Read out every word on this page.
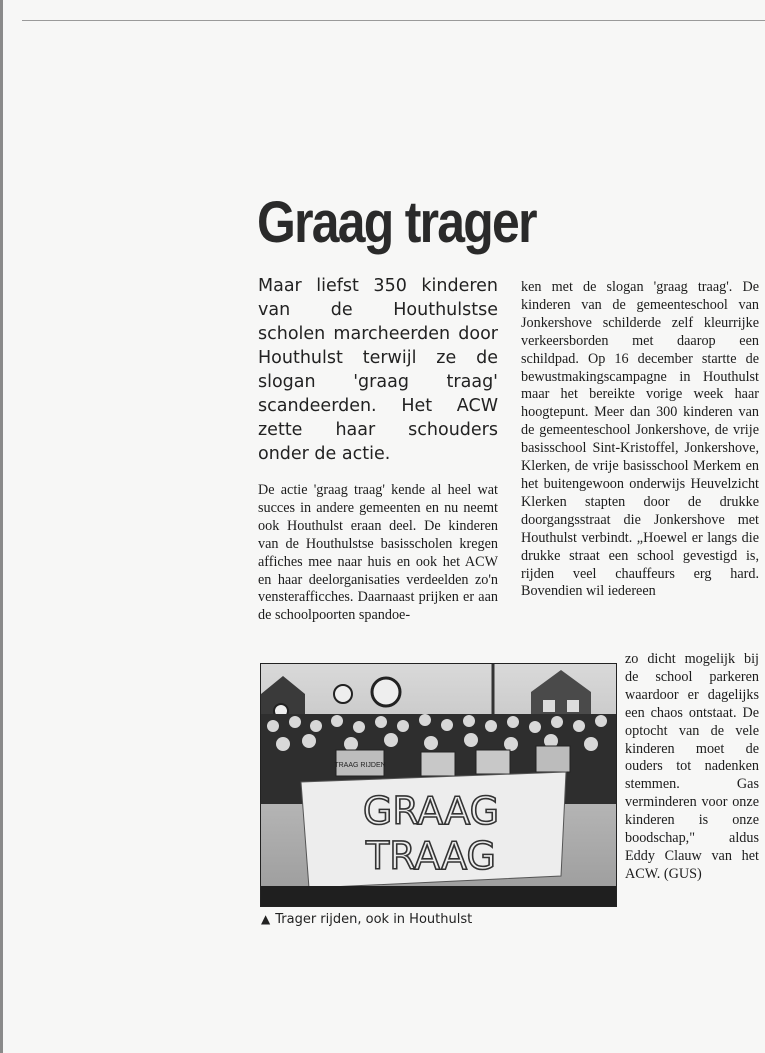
Graag trager

Maar liefst 350 kinderen van de Houthulstse scholen marcheerden door Houthulst terwijl ze de slogan 'graag traag' scandeerden. Het ACW zette haar schouders onder de actie.

De actie 'graag traag' kende al heel wat succes in andere gemeenten en nu neemt ook Houthulst eraan deel. De kinderen van de Houthulstse basisscholen kregen affiches mee naar huis en ook het ACW en haar deelorganisaties verdeelden zo'n vensterafficches. Daarnaast prijken er aan de schoolpoorten spandoe-

ken met de slogan 'graag traag'. De kinderen van de gemeenteschool van Jonkershove schilderde zelf kleurrijke verkeersborden met daarop een schildpad. Op 16 december startte de bewustmakingscampagne in Houthulst maar het bereikte vorige week haar hoogtepunt. Meer dan 300 kinderen van de gemeenteschool Jonkershove, de vrije basisschool Sint-Kristoffel, Jonkershove, Klerken, de vrije basisschool Merkem en het buitengewoon onderwijs Heuvelzicht Klerken stapten door de drukke doorgangsstraat die Jonkershove met Houthulst verbindt. „Hoewel er langs die drukke straat een school gevestigd is, rijden veel chauffeurs erg hard. Bovendien wil iedereen

TRAAG RIJDEN
GRAAG
TRAAG

▲ Trager rijden, ook in Houthulst

zo dicht mogelijk bij de school parkeren waardoor er dagelijks een chaos ontstaat. De optocht van de vele kinderen moet de ouders tot nadenken stemmen. Gas verminderen voor onze kinderen is onze boodschap," aldus Eddy Clauw van het ACW. (GUS)
